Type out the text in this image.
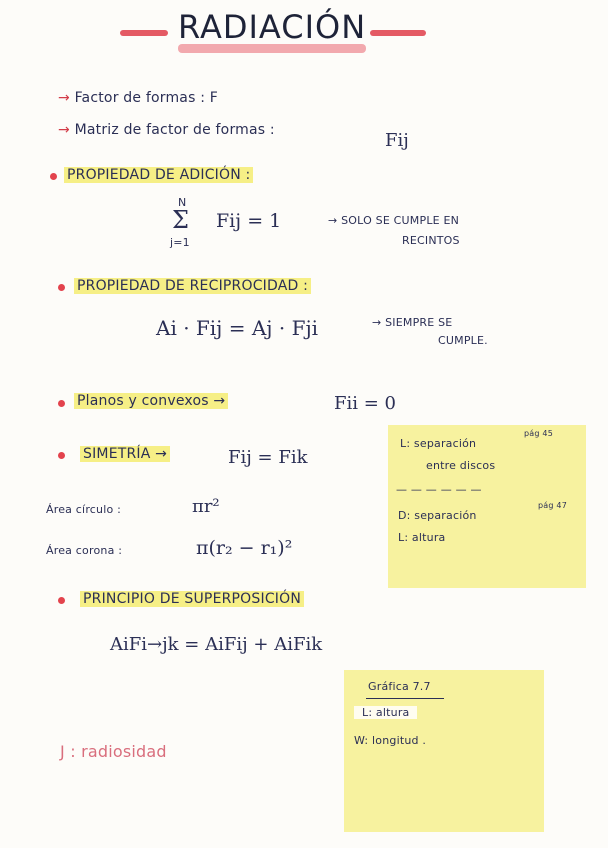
RADIACIÓN
→ Factor de formas : F
→ Matriz de factor de formas :	Fij
PROPIEDAD DE ADICIÓN :
N
Σ
j=1
Fij = 1	→ SOLO SE CUMPLE EN
RECINTOS
PROPIEDAD DE RECIPROCIDAD :
Ai · Fij = Aj · Fji	→ SIEMPRE SE
CUMPLE.
Planos y convexos →	Fii = 0
SIMETRÍA →	Fij = Fik
L: separación
pág 45
entre discos
— — — — — —
D: separación
pág 47
L: altura
Área círculo :	πr²
Área corona :	π(r₂ − r₁)²
PRINCIPIO DE SUPERPOSICIÓN
AiFi→jk = AiFij + AiFik
Gráfica 7.7
L: altura
W: longitud .
J : radiosidad
